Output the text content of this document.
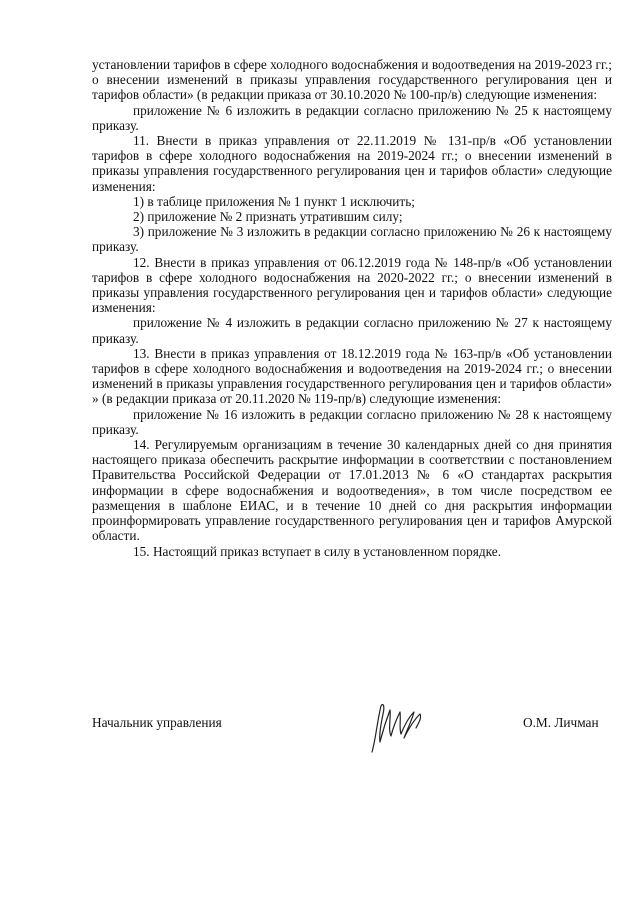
установлении тарифов в сфере холодного водоснабжения и водоотведения на 2019-2023 гг.; о внесении изменений в приказы управления государственного регулирования цен и тарифов области» (в редакции приказа от 30.10.2020 № 100-пр/в) следующие изменения:

приложение № 6 изложить в редакции согласно приложению № 25 к настоящему приказу.

11. Внести в приказ управления от 22.11.2019 № 131-пр/в «Об установлении тарифов в сфере холодного водоснабжения на 2019-2024 гг.; о внесении изменений в приказы управления государственного регулирования цен и тарифов области» следующие изменения:

1) в таблице приложения № 1 пункт 1 исключить;

2) приложение № 2 признать утратившим силу;

3) приложение № 3 изложить в редакции согласно приложению № 26 к настоящему приказу.

12. Внести в приказ управления от 06.12.2019 года № 148-пр/в «Об установлении тарифов в сфере холодного водоснабжения на 2020-2022 гг.; о внесении изменений в приказы управления государственного регулирования цен и тарифов области» следующие изменения:

приложение № 4 изложить в редакции согласно приложению № 27 к настоящему приказу.

13. Внести в приказ управления от 18.12.2019 года № 163-пр/в «Об установлении тарифов в сфере холодного водоснабжения и водоотведения на 2019-2024 гг.; о внесении изменений в приказы управления государственного регулирования цен и тарифов области» » (в редакции приказа от 20.11.2020 № 119-пр/в) следующие изменения:

приложение № 16 изложить в редакции согласно приложению № 28 к настоящему приказу.

14. Регулируемым организациям в течение 30 календарных дней со дня принятия настоящего приказа обеспечить раскрытие информации в соответствии с постановлением Правительства Российской Федерации от 17.01.2013 № 6 «О стандартах раскрытия информации в сфере водоснабжения и водоотведения», в том числе посредством ее размещения в шаблоне ЕИАС, и в течение 10 дней со дня раскрытия информации проинформировать управление государственного регулирования цен и тарифов Амурской области.

15. Настоящий приказ вступает в силу в установленном порядке.

Начальник управления	О.М. Личман
